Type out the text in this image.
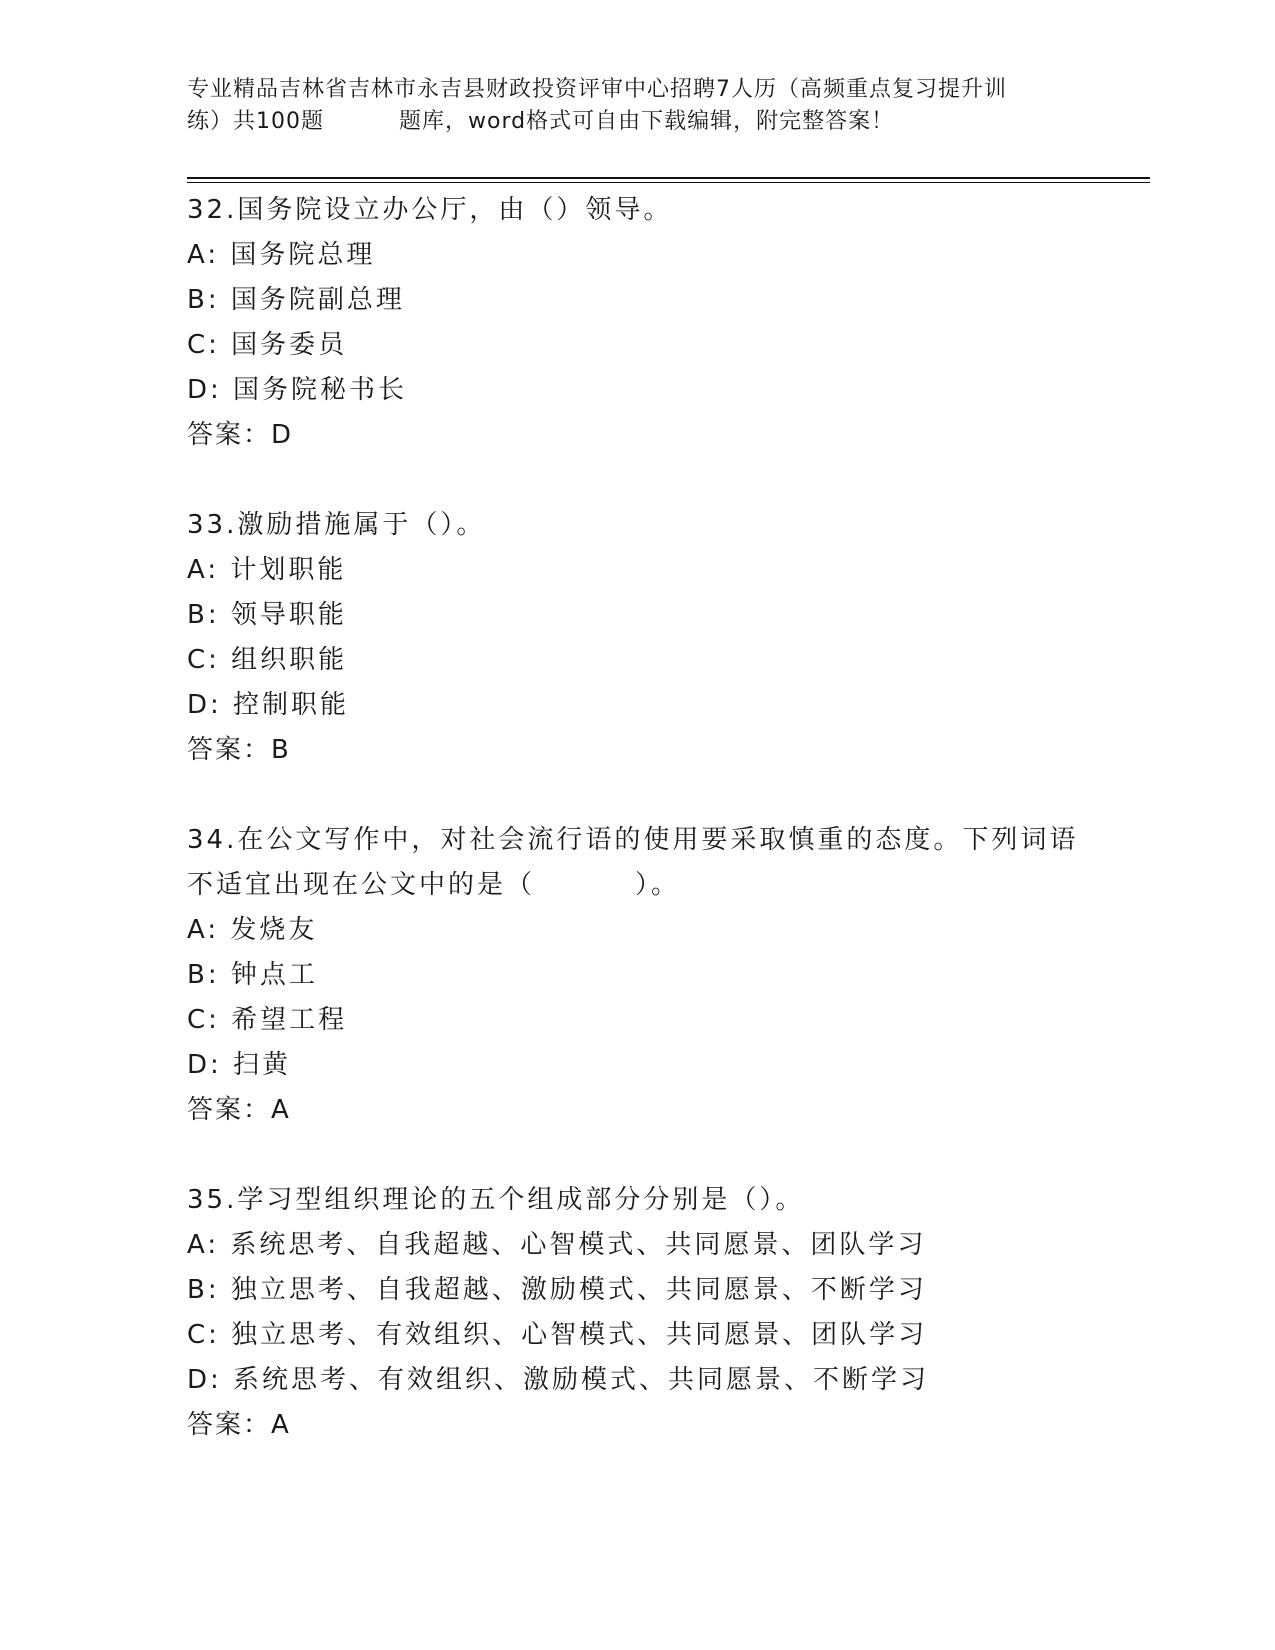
专业精品吉林省吉林市永吉县财政投资评审中心招聘7人历（高频重点复习提升训
练）共100题	题库，word格式可自由下载编辑，附完整答案！
32.国务院设立办公厅，由（）领导。
A: 国务院总理
B: 国务院副总理
C: 国务委员
D: 国务院秘书长
答案：D
33.激励措施属于（）。
A: 计划职能
B: 领导职能
C: 组织职能
D: 控制职能
答案：B
34.在公文写作中，对社会流行语的使用要采取慎重的态度。下列词语
不适宜出现在公文中的是（	）。
A: 发烧友
B: 钟点工
C: 希望工程
D: 扫黄
答案：A
35.学习型组织理论的五个组成部分分别是（）。
A: 系统思考、自我超越、心智模式、共同愿景、团队学习
B: 独立思考、自我超越、激励模式、共同愿景、不断学习
C: 独立思考、有效组织、心智模式、共同愿景、团队学习
D: 系统思考、有效组织、激励模式、共同愿景、不断学习
答案：A
